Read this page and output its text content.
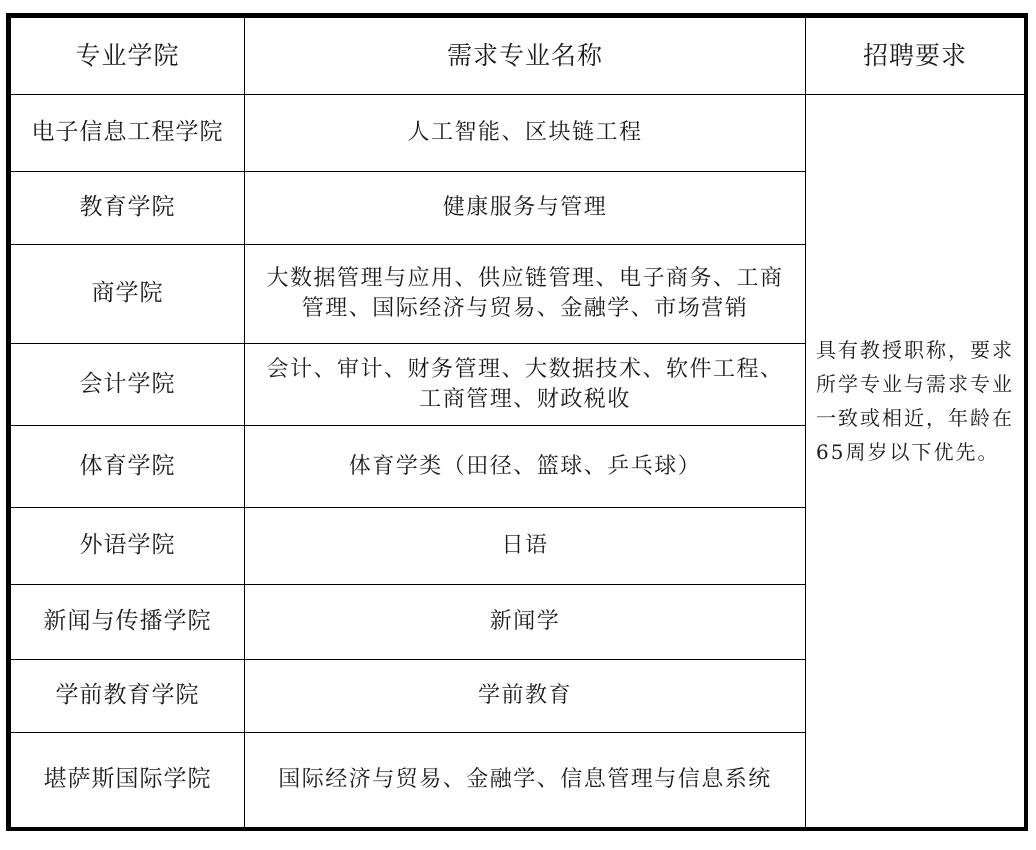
专业学院	需求专业名称	招聘要求
电子信息工程学院	人工智能、区块链工程	具有教授职称，要求所学专业与需求专业一致或相近，年龄在65周岁以下优先。

教育学院	健康服务与管理	
商学院	大数据管理与应用、供应链管理、电子商务、工商管理、国际经济与贸易、金融学、市场营销	
会计学院	会计、审计、财务管理、大数据技术、软件工程、工商管理、财政税收	
体育学院	体育学类（田径、篮球、乒乓球）	
外语学院	日语	
新闻与传播学院	新闻学	
学前教育学院	学前教育	
堪萨斯国际学院	国际经济与贸易、金融学、信息管理与信息系统	
